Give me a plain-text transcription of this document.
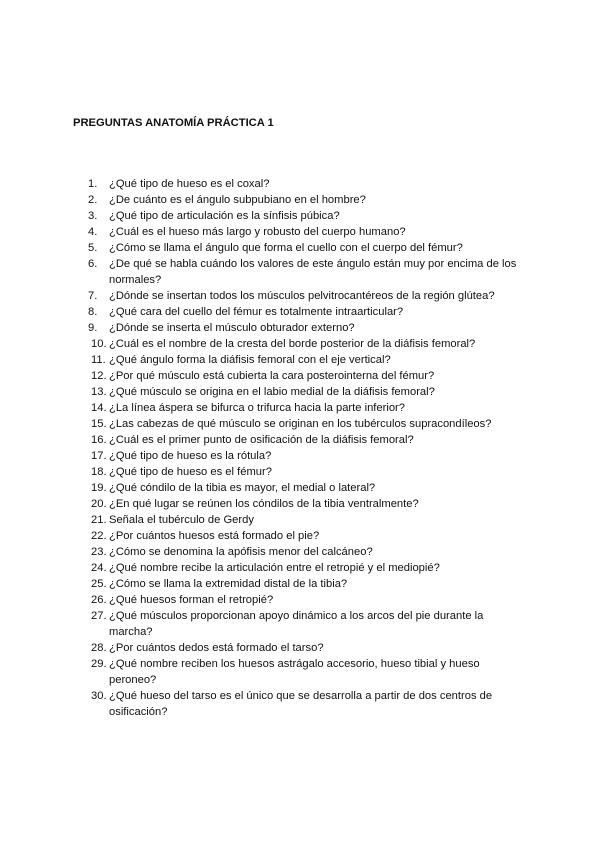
PREGUNTAS ANATOMÍA PRÁCTICA 1
1.	¿Qué tipo de hueso es el coxal?
2.	¿De cuánto es el ángulo subpubiano en el hombre?
3.	¿Qué tipo de articulación es la sínfisis púbica?
4.	¿Cuál es el hueso más largo y robusto del cuerpo humano?
5.	¿Cómo se llama el ángulo que forma el cuello con el cuerpo del fémur?
6.	¿De qué se habla cuándo los valores de este ángulo están muy por encima de los normales?
7.	¿Dónde se insertan todos los músculos pelvitrocantéreos de la región glútea?
8.	¿Qué cara del cuello del fémur es totalmente intraarticular?
9.	¿Dónde se inserta el músculo obturador externo?
10. ¿Cuál es el nombre de la cresta del borde posterior de la diáfisis femoral?
11. ¿Qué ángulo forma la diáfisis femoral con el eje vertical?
12. ¿Por qué músculo está cubierta la cara posterointerna del fémur?
13. ¿Qué músculo se origina en el labio medial de la diáfisis femoral?
14. ¿La línea áspera se bifurca o trifurca hacia la parte inferior?
15. ¿Las cabezas de qué músculo se originan en los tubérculos supracondíleos?
16. ¿Cuál es el primer punto de osificación de la diáfisis femoral?
17. ¿Qué tipo de hueso es la rótula?
18. ¿Qué tipo de hueso es el fémur?
19. ¿Qué cóndilo de la tibia es mayor, el medial o lateral?
20. ¿En qué lugar se reúnen los cóndilos de la tibia ventralmente?
21. Señala el tubérculo de Gerdy
22. ¿Por cuántos huesos está formado el pie?
23. ¿Cómo se denomina la apófisis menor del calcáneo?
24. ¿Qué nombre recibe la articulación entre el retropié y el mediopié?
25. ¿Cómo se llama la extremidad distal de la tibia?
26. ¿Qué huesos forman el retropié?
27. ¿Qué músculos proporcionan apoyo dinámico a los arcos del pie durante la marcha?
28. ¿Por cuántos dedos está formado el tarso?
29. ¿Qué nombre reciben los huesos astrágalo accesorio, hueso tibial y hueso peroneo?
30. ¿Qué hueso del tarso es el único que se desarrolla a partir de dos centros de osificación?
